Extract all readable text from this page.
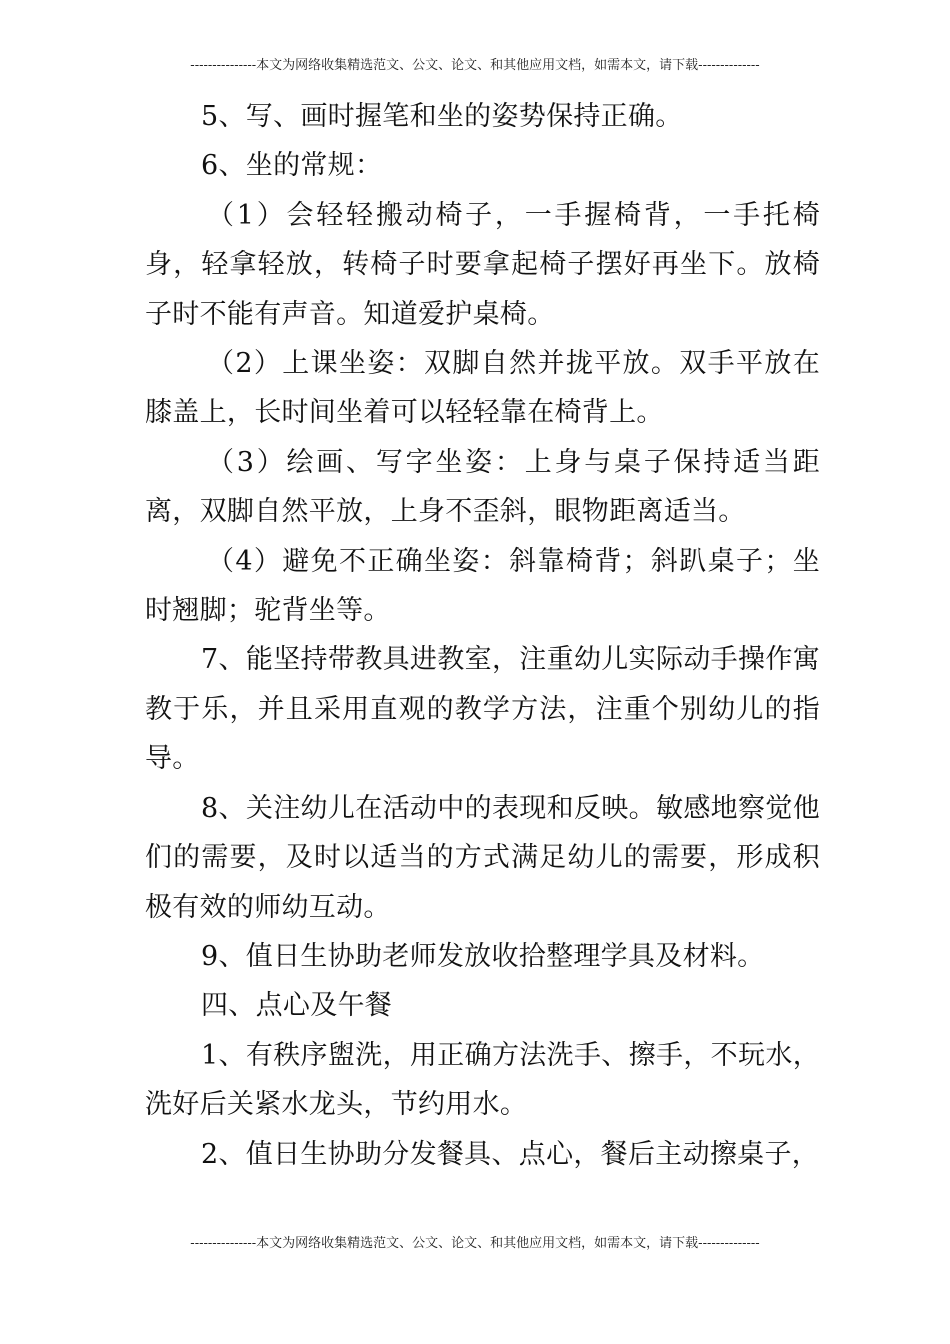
---------------本文为网络收集精选范文、公文、论文、和其他应用文档，如需本文，请下载--------------

5、写、画时握笔和坐的姿势保持正确。

6、坐的常规：

（1）会轻轻搬动椅子，一手握椅背，一手托椅身，轻拿轻放，转椅子时要拿起椅子摆好再坐下。放椅子时不能有声音。知道爱护桌椅。

（2）上课坐姿：双脚自然并拢平放。双手平放在膝盖上，长时间坐着可以轻轻靠在椅背上。

（3）绘画、写字坐姿：上身与桌子保持适当距离，双脚自然平放，上身不歪斜，眼物距离适当。

（4）避免不正确坐姿：斜靠椅背；斜趴桌子；坐时翘脚；驼背坐等。

7、能坚持带教具进教室，注重幼儿实际动手操作寓教于乐，并且采用直观的教学方法，注重个别幼儿的指导。

8、关注幼儿在活动中的表现和反映。敏感地察觉他们的需要，及时以适当的方式满足幼儿的需要，形成积极有效的师幼互动。

9、值日生协助老师发放收拾整理学具及材料。

四、点心及午餐

1、有秩序盥洗，用正确方法洗手、擦手，不玩水，洗好后关紧水龙头，节约用水。

2、值日生协助分发餐具、点心，餐后主动擦桌子，

---------------本文为网络收集精选范文、公文、论文、和其他应用文档，如需本文，请下载--------------
